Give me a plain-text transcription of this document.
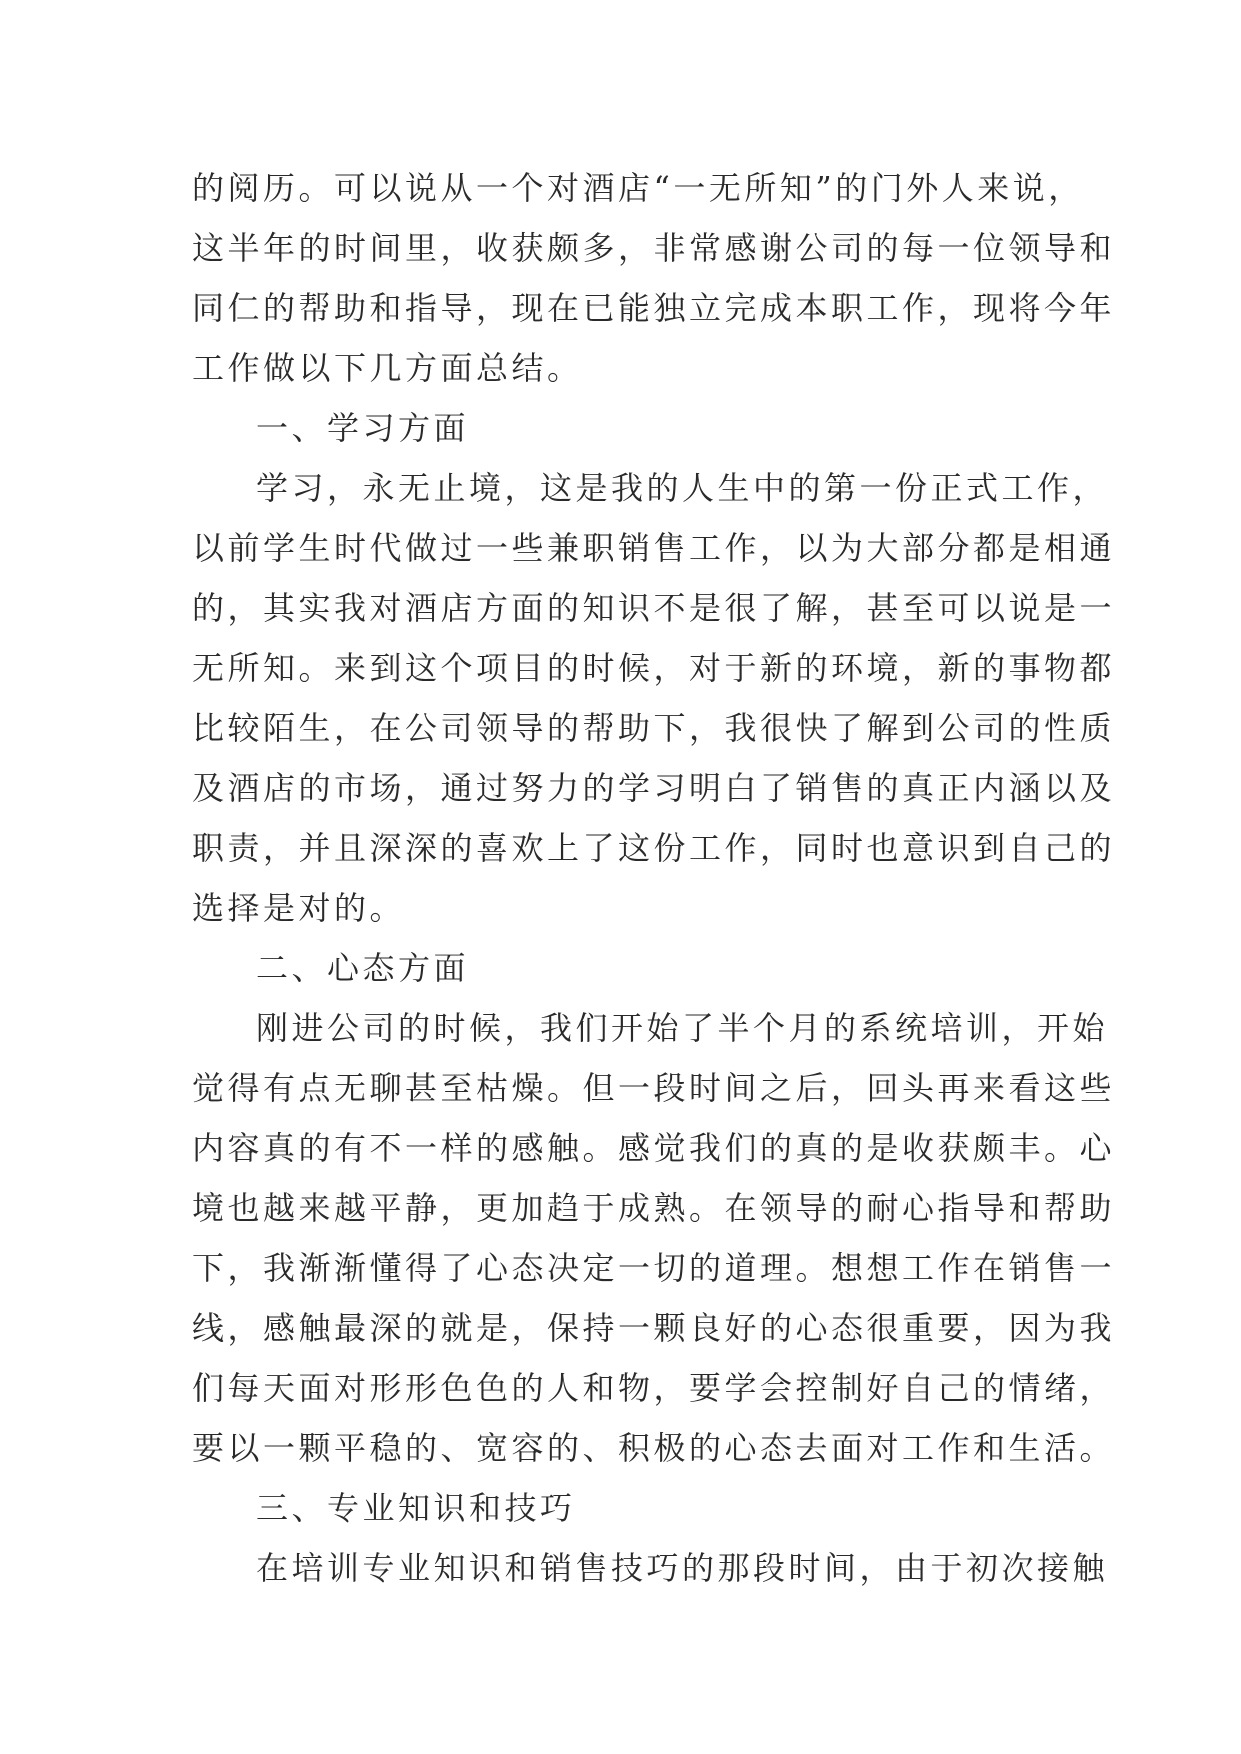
的阅历。可以说从一个对酒店“一无所知”的门外人来说，
这半年的时间里，收获颇多，非常感谢公司的每一位领导和
同仁的帮助和指导，现在已能独立完成本职工作，现将今年
工作做以下几方面总结。
一、学习方面
学习，永无止境，这是我的人生中的第一份正式工作，
以前学生时代做过一些兼职销售工作，以为大部分都是相通
的，其实我对酒店方面的知识不是很了解，甚至可以说是一
无所知。来到这个项目的时候，对于新的环境，新的事物都
比较陌生，在公司领导的帮助下，我很快了解到公司的性质
及酒店的市场，通过努力的学习明白了销售的真正内涵以及
职责，并且深深的喜欢上了这份工作，同时也意识到自己的
选择是对的。
二、心态方面
刚进公司的时候，我们开始了半个月的系统培训，开始
觉得有点无聊甚至枯燥。但一段时间之后，回头再来看这些
内容真的有不一样的感触。感觉我们的真的是收获颇丰。心
境也越来越平静，更加趋于成熟。在领导的耐心指导和帮助
下，我渐渐懂得了心态决定一切的道理。想想工作在销售一
线，感触最深的就是，保持一颗良好的心态很重要，因为我
们每天面对形形色色的人和物，要学会控制好自己的情绪，
要以一颗平稳的、宽容的、积极的心态去面对工作和生活。
三、专业知识和技巧
在培训专业知识和销售技巧的那段时间，由于初次接触
